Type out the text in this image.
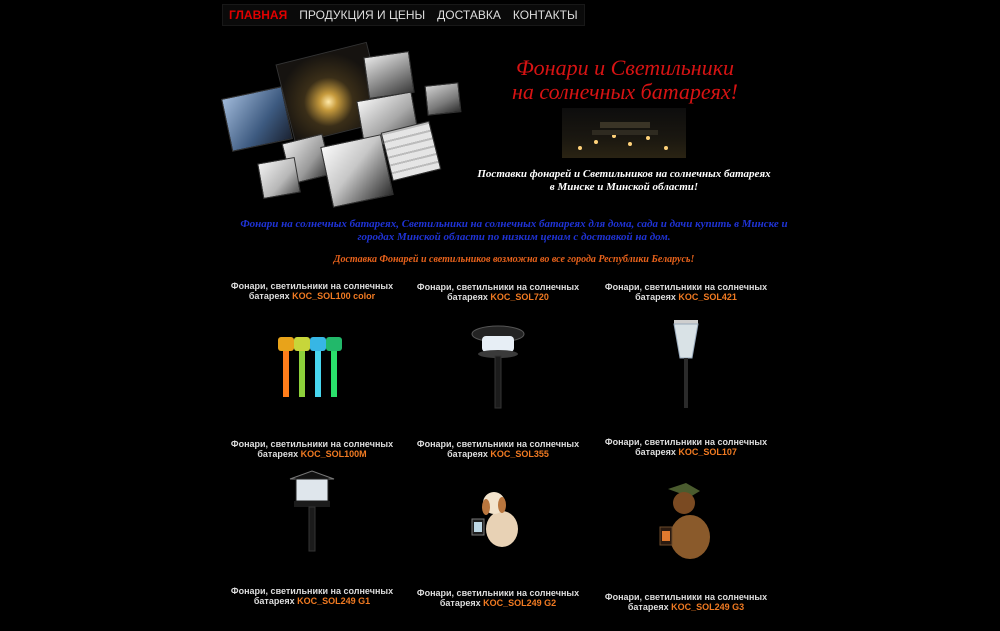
ГЛАВНАЯ	ПРОДУКЦИЯ И ЦЕНЫ	ДОСТАВКА	КОНТАКТЫ
Фонари и Светильники
на солнечных батареях!
Поставки фонарей и Светильников на солнечных батареях
в Минске и Минской области!
Фонари на солнечных батареях, Светильники на солнечных батареях для дома, сада и дачи купить в Минске и городах Минской области по низким ценам с доставкой на дом.
Доставка Фонарей и светильников возможна во все города Республики Беларусь!
Фонари, светильники на солнечных батареях KOC_SOL100 color
Фонари, светильники на солнечных батареях KOC_SOL720
Фонари, светильники на солнечных батареях KOC_SOL421
Фонари, светильники на солнечных батареях KOC_SOL100M
Фонари, светильники на солнечных батареях KOC_SOL355
Фонари, светильники на солнечных батареях KOC_SOL107
Фонари, светильники на солнечных батареях KOC_SOL249 G1
Фонари, светильники на солнечных батареях KOC_SOL249 G2
Фонари, светильники на солнечных батареях KOC_SOL249 G3
